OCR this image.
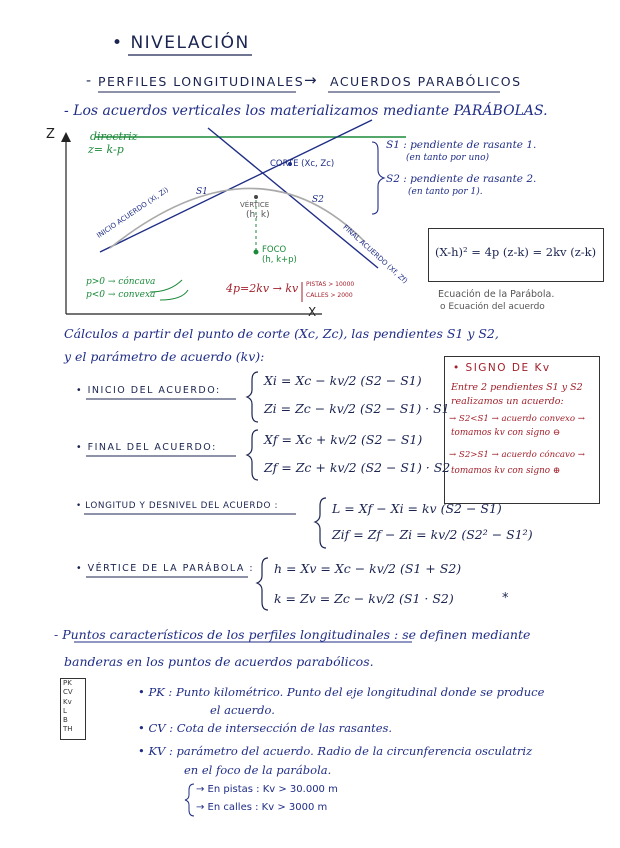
• NIVELACIÓN
- PERFILES LONGITUDINALES → ACUERDOS PARABÓLICOS
- Los acuerdos verticales los materializamos mediante PARÁBOLAS.
Z
X
directriz
z= k-p
CORTE (Xc, Zc)
S1
S2
VÉRTICE
(h, k)
INICIO ACUERDO (Xi, Zi)
FINAL ACUERDO (Xf, Zf)
FOCO
(h, k+p)
p>0 → cóncava
p<0 → convexa	4p=2kv → kv PISTAS > 10000
CALLES > 2000
S1 : pendiente de rasante 1.
(en tanto por uno)
S2 : pendiente de rasante 2.
(en tanto por 1).
(X-h)² = 4p (z-k) = 2kv (z-k)
Ecuación de la Parábola.
o Ecuación del acuerdo
Cálculos a partir del punto de corte (Xc, Zc), las pendientes S1 y S2,
y el parámetro de acuerdo (kv):
• INICIO DEL ACUERDO:
Xi = Xc − kv/2 (S2 − S1)
Zi = Zc − kv/2 (S2 − S1) · S1
• FINAL DEL ACUERDO:
Xf = Xc + kv/2 (S2 − S1)
Zf = Zc + kv/2 (S2 − S1) · S2
• LONGITUD Y DESNIVEL DEL ACUERDO :	L = Xf − Xi = kv (S2 − S1)
Zif = Zf − Zi = kv/2 (S2² − S1²)
• VÉRTICE DE LA PARÁBOLA : h = Xv = Xc − kv/2 (S1 + S2)
k = Zv = Zc − kv/2 (S1 · S2)	*
• SIGNO DE Kv
Entre 2 pendientes S1 y S2
realizamos un acuerdo:
→ S2<S1 → acuerdo convexo →
tomamos kv con signo ⊖
→ S2>S1 → acuerdo cóncavo →
tomamos kv con signo ⊕
- Puntos característicos de los perfiles longitudinales : se definen mediante
banderas en los puntos de acuerdos parabólicos.
PK
CV
Kv
L
B
TH
• PK : Punto kilométrico. Punto del eje longitudinal donde se produce
el acuerdo.
• CV : Cota de intersección de las rasantes.
• KV : parámetro del acuerdo. Radio de la circunferencia osculatriz
en el foco de la parábola.
→ En pistas : Kv > 30.000 m
→ En calles : Kv > 3000 m
